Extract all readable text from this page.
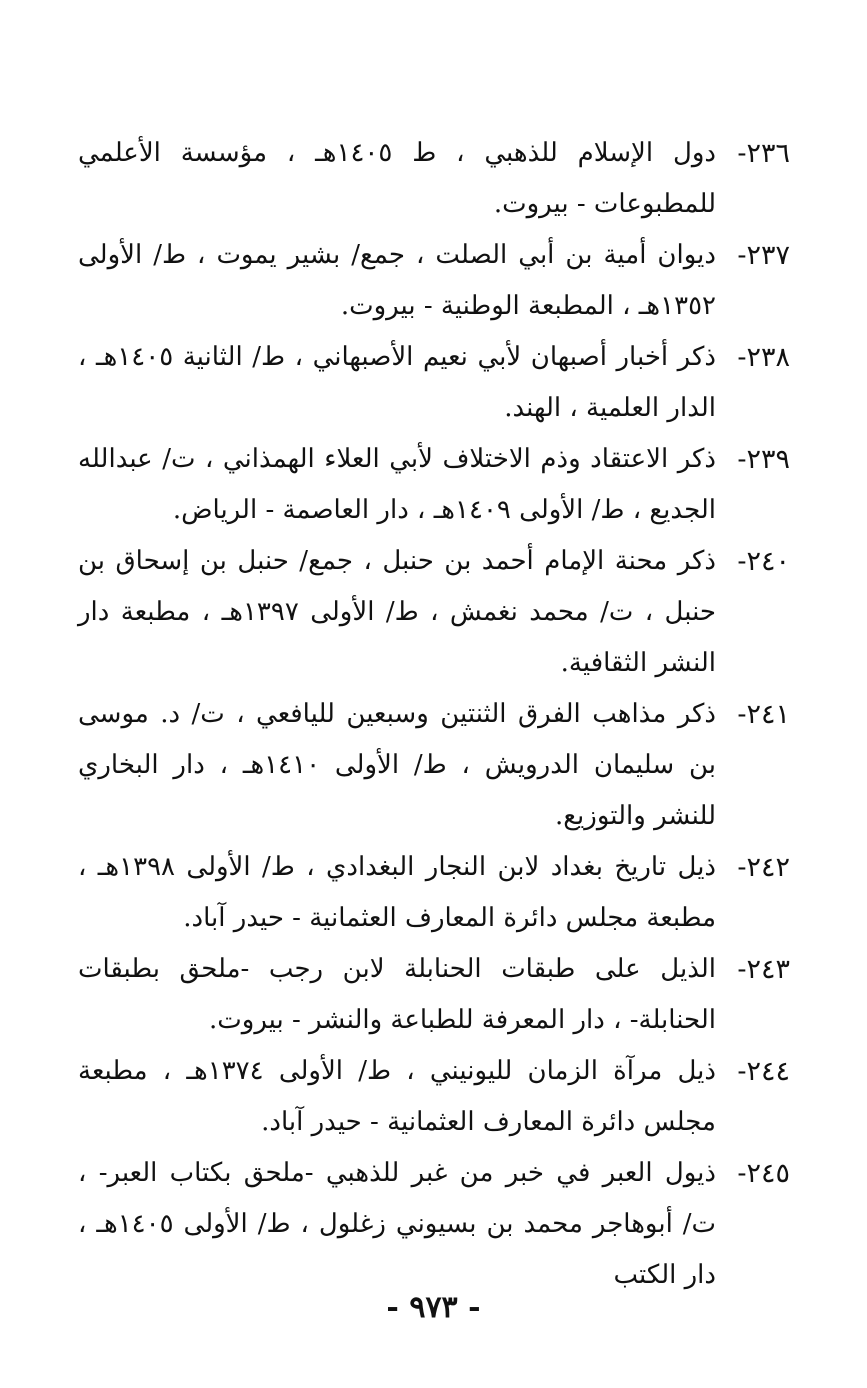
٢٣٦-
دول الإسلام للذهبي ، ط ١٤٠٥هـ ، مؤسسة الأعلمي للمطبوعات - بيروت.
٢٣٧-
ديوان أمية بن أبي الصلت ، جمع/ بشير يموت ، ط/ الأولى ١٣٥٢هـ ، المطبعة الوطنية - بيروت.
٢٣٨-
ذكر أخبار أصبهان لأبي نعيم الأصبهاني ، ط/ الثانية ١٤٠٥هـ ، الدار العلمية ، الهند.
٢٣٩-
ذكر الاعتقاد وذم الاختلاف لأبي العلاء الهمذاني ، ت/ عبدالله الجديع ، ط/ الأولى ١٤٠٩هـ ، دار العاصمة - الرياض.
٢٤٠-
ذكر محنة الإمام أحمد بن حنبل ، جمع/ حنبل بن إسحاق بن حنبل ، ت/ محمد نغمش ، ط/ الأولى ١٣٩٧هـ ، مطبعة دار النشر الثقافية.
٢٤١-
ذكر مذاهب الفرق الثنتين وسبعين لليافعي ، ت/ د. موسى بن سليمان الدرويش ، ط/ الأولى ١٤١٠هـ ، دار البخاري للنشر والتوزيع.
٢٤٢-
ذيل تاريخ بغداد لابن النجار البغدادي ، ط/ الأولى ١٣٩٨هـ ، مطبعة مجلس دائرة المعارف العثمانية - حيدر آباد.
٢٤٣-
الذيل على طبقات الحنابلة لابن رجب -ملحق بطبقات الحنابلة- ، دار المعرفة للطباعة والنشر - بيروت.
٢٤٤-
ذيل مرآة الزمان لليونيني ، ط/ الأولى ١٣٧٤هـ ، مطبعة مجلس دائرة المعارف العثمانية - حيدر آباد.
٢٤٥-
ذيول العبر في خبر من غبر للذهبي -ملحق بكتاب العبر- ، ت/ أبوهاجر محمد بن بسيوني زغلول ، ط/ الأولى ١٤٠٥هـ ، دار الكتب
- ٩٧٣ -
